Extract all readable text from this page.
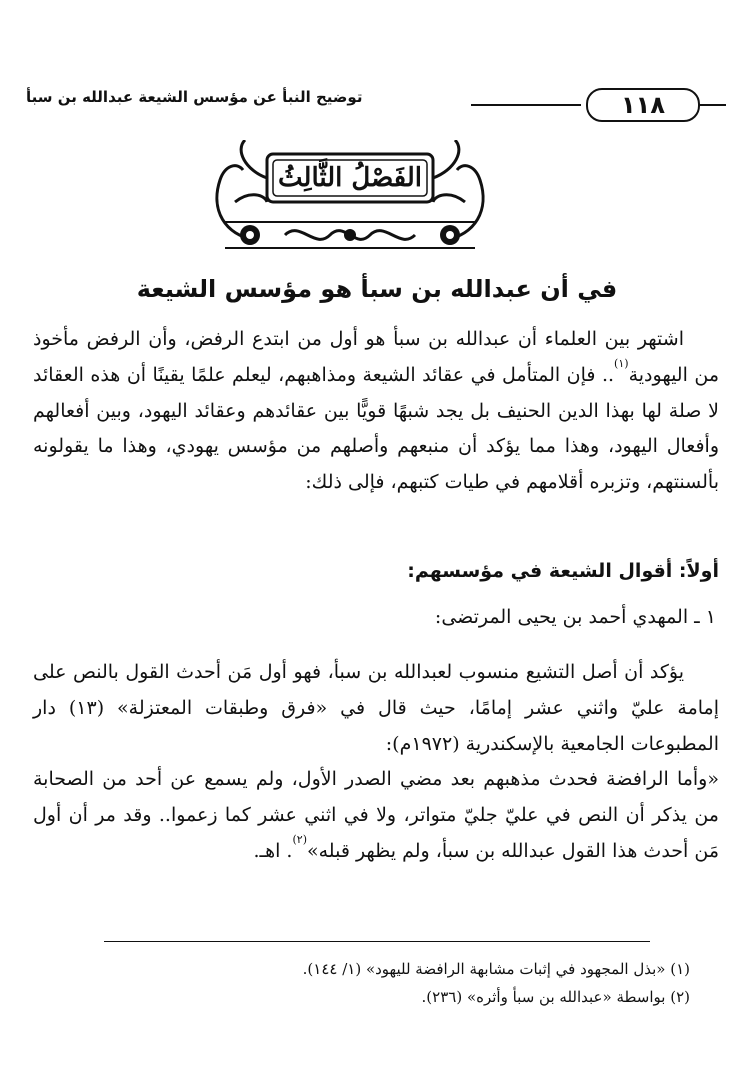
١١٨
توضيح النبأ عن مؤسس الشيعة عبدالله بن سبأ
الفَصْلُ الثَّالِثُ
في أن عبدالله بن سبأ هو مؤسس الشيعة

اشتهر بين العلماء أن عبدالله بن سبأ هو أول من ابتدع الرفض، وأن الرفض مأخوذ من اليهودية$^{(١)}$.. فإن المتأمل في عقائد الشيعة ومذاهبهم، ليعلم علمًا يقينًا أن هذه العقائد لا صلة لها بهذا الدين الحنيف بل يجد شبهًا قويًّا بين عقائدهم وعقائد اليهود، وبين أفعالهم وأفعال اليهود، وهذا مما يؤكد أن منبعهم وأصلهم من مؤسس يهودي، وهذا ما يقولونه بألسنتهم، وتزبره أقلامهم في طيات كتبهم، فإلى ذلك:

أولاً: أقوال الشيعة في مؤسسهم:
١ ـ المهدي أحمد بن يحيى المرتضى:

يؤكد أن أصل التشيع منسوب لعبدالله بن سبأ، فهو أول مَن أحدث القول بالنص على إمامة عليّ واثني عشر إمامًا، حيث قال في «فرق وطبقات المعتزلة» (١٣) دار المطبوعات الجامعية بالإسكندرية (١٩٧٢م):

«وأما الرافضة فحدث مذهبهم بعد مضي الصدر الأول، ولم يسمع عن أحد من الصحابة من يذكر أن النص في عليّ جليّ متواتر، ولا في اثني عشر كما زعموا.. وقد مر أن أول مَن أحدث هذا القول عبدالله بن سبأ، ولم يظهر قبله»$^{(٢)}$. اهـ.

(١) «بذل المجهود في إثبات مشابهة الرافضة لليهود» (١/ ١٤٤).
(٢) بواسطة «عبدالله بن سبأ وأثره» (٢٣٦).
